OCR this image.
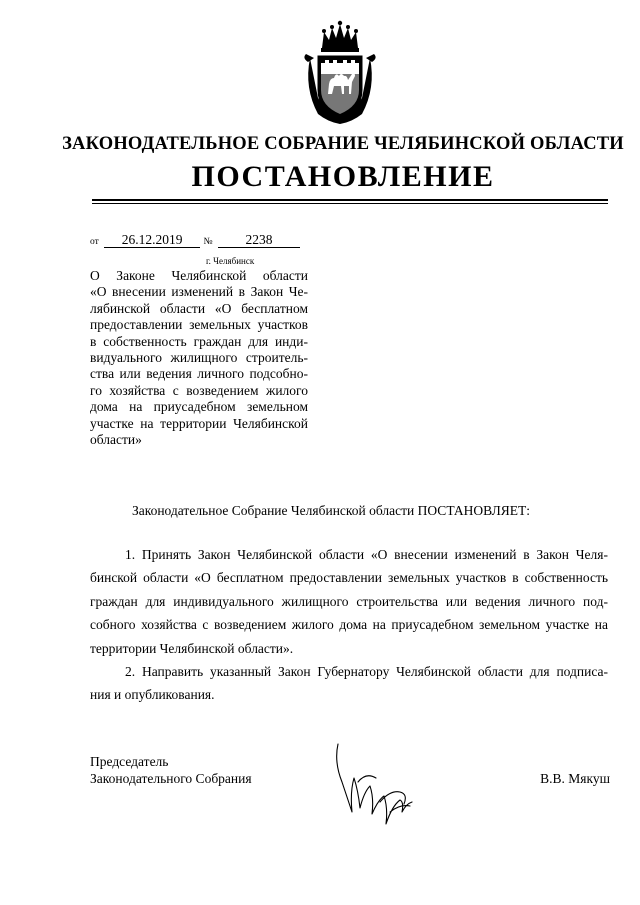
ЗАКОНОДАТЕЛЬНОЕ СОБРАНИЕ ЧЕЛЯБИНСКОЙ ОБЛАСТИ
ПОСТАНОВЛЕНИЕ
от 26.12.2019 № 2238
г. Челябинск
О Законе Челябинской области
«О внесении изменений в Закон Че-
лябинской области «О бесплатном
предоставлении земельных участков
в собственность граждан для инди-
видуального жилищного строитель-
ства или ведения личного подсобно-
го хозяйства с возведением жилого
дома на приусадебном земельном
участке на территории Челябинской
области»
Законодательное Собрание Челябинской области ПОСТАНОВЛЯЕТ:
1. Принять Закон Челябинской области «О внесении изменений в Закон Челя-
бинской области «О бесплатном предоставлении земельных участков в собственность
граждан для индивидуального жилищного строительства или ведения личного под-
собного хозяйства с возведением жилого дома на приусадебном земельном участке на
территории Челябинской области».
2. Направить указанный Закон Губернатору Челябинской области для подписа-
ния и опубликования.
Председатель
Законодательного Собрания	В.В. Мякуш
